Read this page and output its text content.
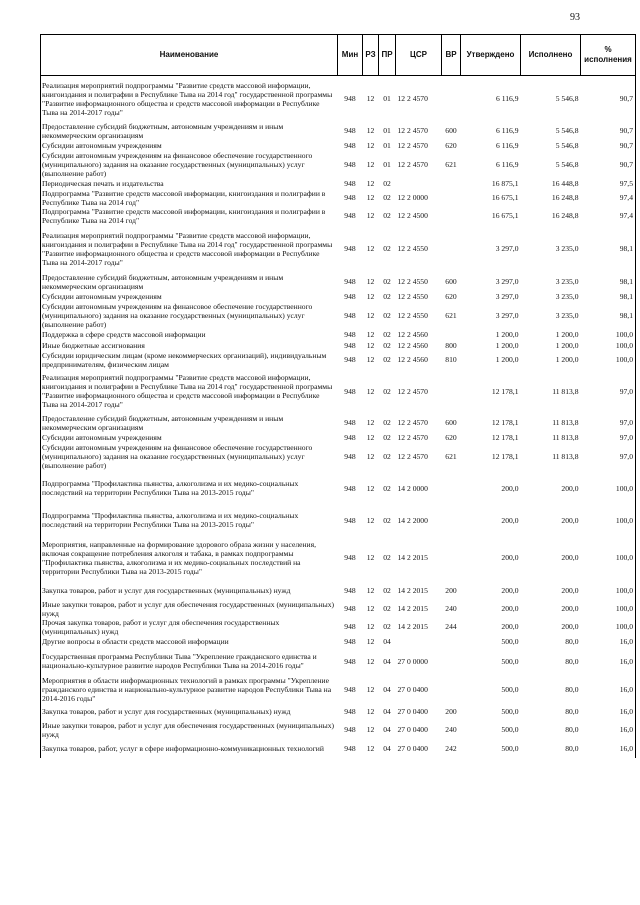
93
Наименование	Мин	РЗ	ПР	ЦСР	ВР	Утверждено	Исполнено	% исполнения
Реализация мероприятий подпрограммы "Развитие средств массовой информации, книгоиздания и полиграфии в Республике Тыва на 2014 год" государственной программы "Развитие информационного общества и средств массовой информации в Республике Тыва на 2014-2017 годы"	948	12	01	12 2 4570		6 116,9	5 546,8	90,7
Предоставление субсидий бюджетным, автономным учреждениям и иным некоммерческим организациям	948	12	01	12 2 4570	600	6 116,9	5 546,8	90,7
Субсидии автономным учреждениям	948	12	01	12 2 4570	620	6 116,9	5 546,8	90,7
Субсидии автономным учреждениям на финансовое обеспечение государственного (муниципального) задания на оказание государственных (муниципальных) услуг (выполнение работ)	948	12	01	12 2 4570	621	6 116,9	5 546,8	90,7
Периодическая печать и издательства	948	12	02			16 875,1	16 448,8	97,5
Подпрограмма "Развитие средств массовой информации, книгоиздания и полиграфии в Республике Тыва на 2014 год"	948	12	02	12 2 0000		16 675,1	16 248,8	97,4
Подпрограмма "Развитие средств массовой информации, книгоиздания и полиграфии в Республике Тыва на 2014 год"	948	12	02	12 2 4500		16 675,1	16 248,8	97,4
Реализация мероприятий подпрограммы "Развитие средств массовой информации, книгоиздания и полиграфии в Республике Тыва на 2014 год" государственной программы "Развитие информационного общества и средств массовой информации в Республике Тыва на 2014-2017 годы"	948	12	02	12 2 4550		3 297,0	3 235,0	98,1
Предоставление субсидий бюджетным, автономным учреждениям и иным некоммерческим организациям	948	12	02	12 2 4550	600	3 297,0	3 235,0	98,1
Субсидии автономным учреждениям	948	12	02	12 2 4550	620	3 297,0	3 235,0	98,1
Субсидии автономным учреждениям на финансовое обеспечение государственного (муниципального) задания на оказание государственных (муниципальных) услуг (выполнение работ)	948	12	02	12 2 4550	621	3 297,0	3 235,0	98,1
Поддержка в сфере средств массовой информации	948	12	02	12 2 4560		1 200,0	1 200,0	100,0
Иные бюджетные ассигнования	948	12	02	12 2 4560	800	1 200,0	1 200,0	100,0
Субсидии юридическим лицам (кроме некоммерческих организаций), индивидуальным предпринимателям, физическим лицам	948	12	02	12 2 4560	810	1 200,0	1 200,0	100,0
Реализация мероприятий подпрограммы "Развитие средств массовой информации, книгоиздания и полиграфии в Республике Тыва на 2014 год" государственной программы "Развитие информационного общества и средств массовой информации в Республике Тыва на 2014-2017 годы"	948	12	02	12 2 4570		12 178,1	11 813,8	97,0
Предоставление субсидий бюджетным, автономным учреждениям и иным некоммерческим организациям	948	12	02	12 2 4570	600	12 178,1	11 813,8	97,0
Субсидии автономным учреждениям	948	12	02	12 2 4570	620	12 178,1	11 813,8	97,0
Субсидии автономным учреждениям на финансовое обеспечение государственного (муниципального) задания на оказание государственных (муниципальных) услуг (выполнение работ)	948	12	02	12 2 4570	621	12 178,1	11 813,8	97,0
Подпрограмма "Профилактика пьянства, алкоголизма и их медико-социальных последствий на территории Республики Тыва на 2013-2015 годы"	948	12	02	14 2 0000		200,0	200,0	100,0
Подпрограмма "Профилактика пьянства, алкоголизма и их медико-социальных последствий на территории Республики Тыва на 2013-2015 годы"	948	12	02	14 2 2000		200,0	200,0	100,0
Мероприятия, направленные на формирование здорового образа жизни у населения, включая сокращение потребления алкоголя и табака, в рамках подпрограммы "Профилактика пьянства, алкоголизма и их медико-социальных последствий на территории Республики Тыва на 2013-2015 годы"	948	12	02	14 2 2015		200,0	200,0	100,0
Закупка товаров, работ и услуг для государственных (муниципальных) нужд	948	12	02	14 2 2015	200	200,0	200,0	100,0
Иные закупки товаров, работ и услуг для обеспечения государственных (муниципальных) нужд	948	12	02	14 2 2015	240	200,0	200,0	100,0
Прочая закупка товаров, работ и услуг для обеспечения государственных (муниципальных) нужд	948	12	02	14 2 2015	244	200,0	200,0	100,0
Другие вопросы в области средств массовой информации	948	12	04			500,0	80,0	16,0
Государственная программа Республики Тыва "Укрепление гражданского единства и национально-культурное развитие народов Республики Тыва на 2014-2016 годы"	948	12	04	27 0 0000		500,0	80,0	16,0
Мероприятия в области информационных технологий в рамках программы "Укрепление гражданского единства и национально-культурное развитие народов Республики Тыва на 2014-2016 годы"	948	12	04	27 0 0400		500,0	80,0	16,0
Закупка товаров, работ и услуг для государственных (муниципальных) нужд	948	12	04	27 0 0400	200	500,0	80,0	16,0
Иные закупки товаров, работ и услуг для обеспечения государственных (муниципальных) нужд	948	12	04	27 0 0400	240	500,0	80,0	16,0
Закупка товаров, работ, услуг в сфере информационно-коммуникационных технологий	948	12	04	27 0 0400	242	500,0	80,0	16,0
